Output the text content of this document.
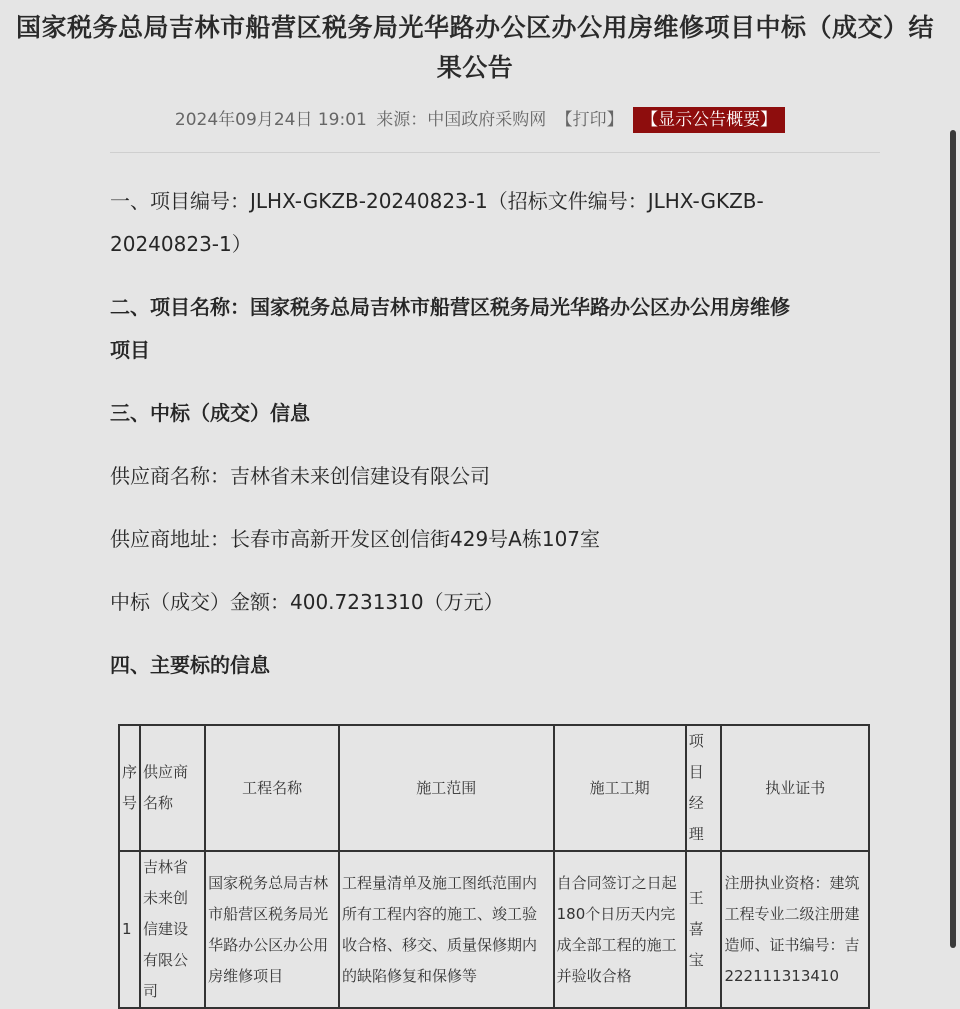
国家税务总局吉林市船营区税务局光华路办公区办公用房维修项目中标（成交）结果公告
2024年09月24日 19:01 来源：中国政府采购网 【打印】 【显示公告概要】
一、项目编号：JLHX-GKZB-20240823-1（招标文件编号：JLHX-GKZB-
20240823-1）
二、项目名称：国家税务总局吉林市船营区税务局光华路办公区办公用房维修
项目
三、中标（成交）信息
供应商名称：吉林省未来创信建设有限公司
供应商地址：长春市高新开发区创信街429号A栋107室
中标（成交）金额：400.7231310（万元）
四、主要标的信息
序号	供应商名称	工程名称	施工范围	施工工期	项目经理	执业证书
1	吉林省未来创信建设有限公司	国家税务总局吉林市船营区税务局光华路办公区办公用房维修项目	工程量清单及施工图纸范围内所有工程内容的施工、竣工验收合格、移交、质量保修期内的缺陷修复和保修等	自合同签订之日起180个日历天内完成全部工程的施工并验收合格	王喜宝	注册执业资格：建筑工程专业二级注册建造师、证书编号：吉222111313410
